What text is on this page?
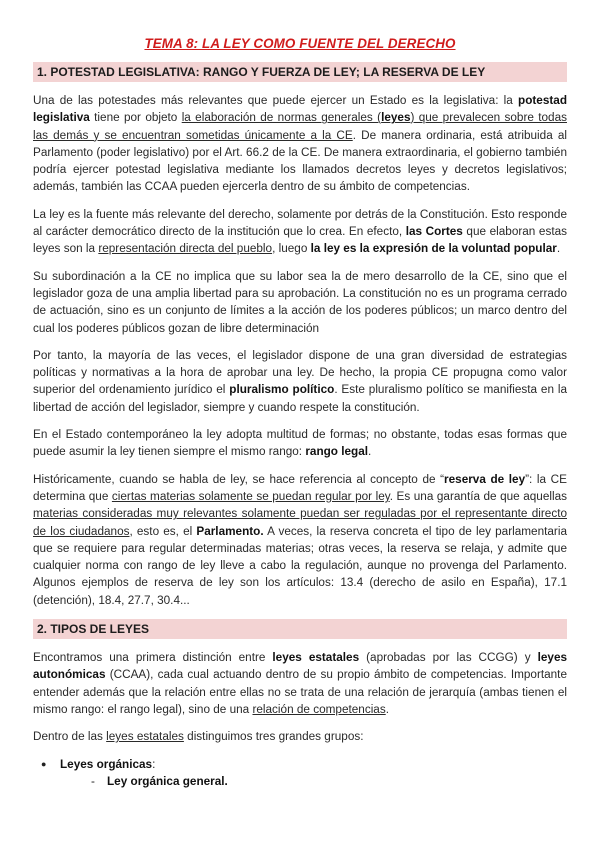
TEMA 8: LA LEY COMO FUENTE DEL DERECHO
1. POTESTAD LEGISLATIVA: RANGO Y FUERZA DE LEY; LA RESERVA DE LEY

Una de las potestades más relevantes que puede ejercer un Estado es la legislativa: la potestad legislativa tiene por objeto la elaboración de normas generales (leyes) que prevalecen sobre todas las demás y se encuentran sometidas únicamente a la CE. De manera ordinaria, está atribuida al Parlamento (poder legislativo) por el Art. 66.2 de la CE. De manera extraordinaria, el gobierno también podría ejercer potestad legislativa mediante los llamados decretos leyes y decretos legislativos; además, también las CCAA pueden ejercerla dentro de su ámbito de competencias.

La ley es la fuente más relevante del derecho, solamente por detrás de la Constitución. Esto responde al carácter democrático directo de la institución que lo crea. En efecto, las Cortes que elaboran estas leyes son la representación directa del pueblo, luego la ley es la expresión de la voluntad popular.

Su subordinación a la CE no implica que su labor sea la de mero desarrollo de la CE, sino que el legislador goza de una amplia libertad para su aprobación. La constitución no es un programa cerrado de actuación, sino es un conjunto de límites a la acción de los poderes públicos; un marco dentro del cual los poderes públicos gozan de libre determinación

Por tanto, la mayoría de las veces, el legislador dispone de una gran diversidad de estrategias políticas y normativas a la hora de aprobar una ley. De hecho, la propia CE propugna como valor superior del ordenamiento jurídico el pluralismo político. Este pluralismo político se manifiesta en la libertad de acción del legislador, siempre y cuando respete la constitución.

En el Estado contemporáneo la ley adopta multitud de formas; no obstante, todas esas formas que puede asumir la ley tienen siempre el mismo rango: rango legal.

Históricamente, cuando se habla de ley, se hace referencia al concepto de “reserva de ley”: la CE determina que ciertas materias solamente se puedan regular por ley. Es una garantía de que aquellas materias consideradas muy relevantes solamente puedan ser reguladas por el representante directo de los ciudadanos, esto es, el Parlamento. A veces, la reserva concreta el tipo de ley parlamentaria que se requiere para regular determinadas materias; otras veces, la reserva se relaja, y admite que cualquier norma con rango de ley lleve a cabo la regulación, aunque no provenga del Parlamento. Algunos ejemplos de reserva de ley son los artículos: 13.4 (derecho de asilo en España), 17.1 (detención), 18.4, 27.7, 30.4...

2. TIPOS DE LEYES

Encontramos una primera distinción entre leyes estatales (aprobadas por las CCGG) y leyes autonómicas (CCAA), cada cual actuando dentro de su propio ámbito de competencias. Importante entender además que la relación entre ellas no se trata de una relación de jerarquía (ambas tienen el mismo rango: el rango legal), sino de una relación de competencias.

Dentro de las leyes estatales distinguimos tres grandes grupos:

● Leyes orgánicas:
- Ley orgánica general.
